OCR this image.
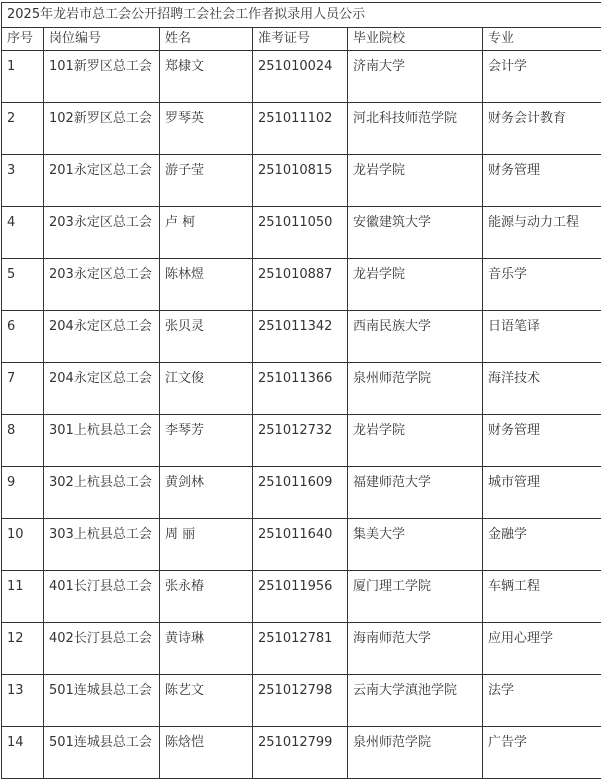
2025年龙岩市总工会公开招聘工会社会工作者拟录用人员公示					
序号	岗位编号	姓名	准考证号	毕业院校	专业
1	101新罗区总工会	郑棣文	251010024	济南大学	会计学
2	102新罗区总工会	罗琴英	251011102	河北科技师范学院	财务会计教育
3	201永定区总工会	游子莹	251010815	龙岩学院	财务管理
4	203永定区总工会	卢 柯	251011050	安徽建筑大学	能源与动力工程
5	203永定区总工会	陈林煜	251010887	龙岩学院	音乐学
6	204永定区总工会	张贝灵	251011342	西南民族大学	日语笔译
7	204永定区总工会	江文俊	251011366	泉州师范学院	海洋技术
8	301上杭县总工会	李琴芳	251012732	龙岩学院	财务管理
9	302上杭县总工会	黄剑林	251011609	福建师范大学	城市管理
10	303上杭县总工会	周 丽	251011640	集美大学	金融学
11	401长汀县总工会	张永椿	251011956	厦门理工学院	车辆工程
12	402长汀县总工会	黄诗琳	251012781	海南师范大学	应用心理学
13	501连城县总工会	陈艺文	251012798	云南大学滇池学院	法学
14	501连城县总工会	陈焓恺	251012799	泉州师范学院	广告学
